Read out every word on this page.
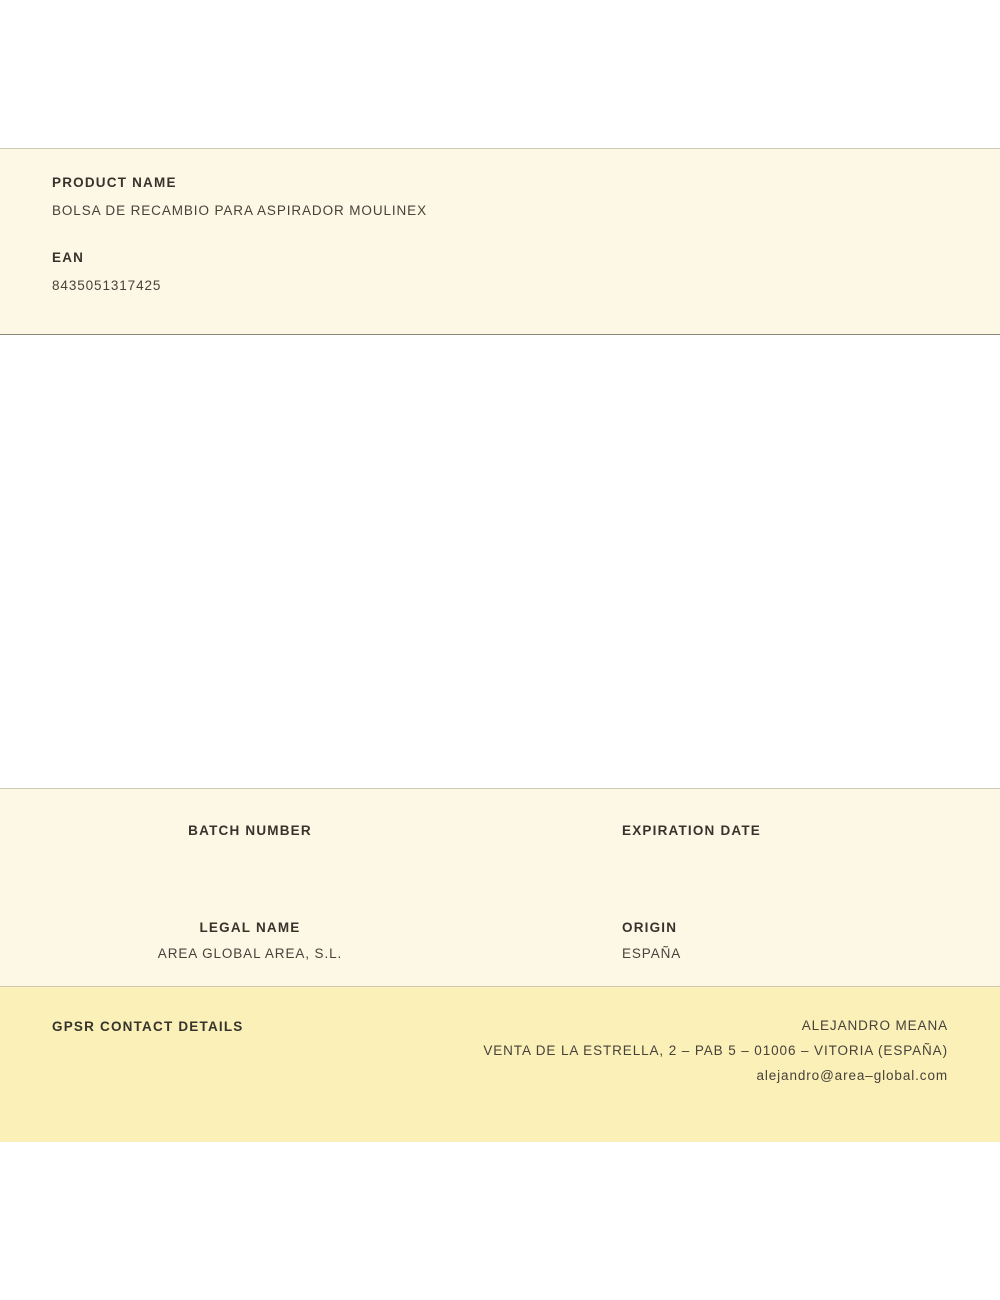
PRODUCT NAME

BOLSA DE RECAMBIO PARA ASPIRADOR MOULINEX

EAN

8435051317425

BATCH NUMBER	EXPIRATION DATE

LEGAL NAME

AREA GLOBAL AREA, S.L.

ORIGIN

ESPAÑA

GPSR CONTACT DETAILS	ALEJANDRO MEANA

VENTA DE LA ESTRELLA, 2 – PAB 5 – 01006 – VITORIA (ESPAÑA)

alejandro@area–global.com
